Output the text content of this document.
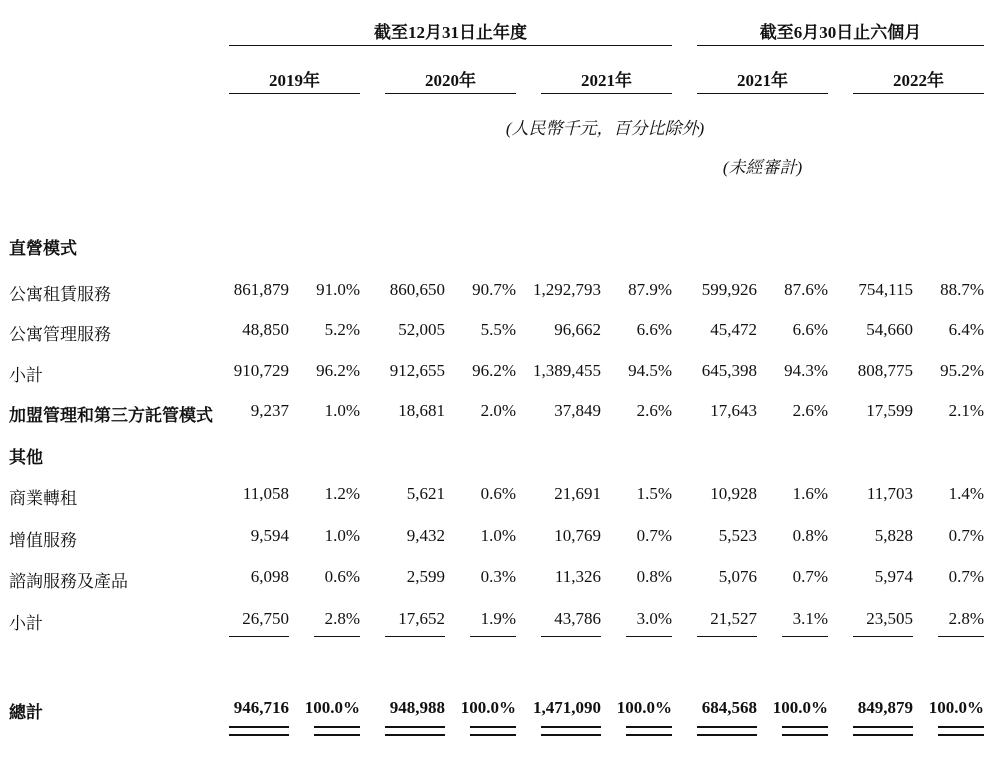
截至12月31日止年度	截至6月30日止六個月
2019年	2020年	2021年	2021年	2022年
(人民幣千元，百分比除外)
(未經審計)
直營模式
公寓租賃服務	861,879 91.0% 860,650 90.7% 1,292,793 87.9% 599,926 87.6% 754,115 88.7%
公寓管理服務	48,850 5.2% 52,005 5.5% 96,662 6.6% 45,472 6.6% 54,660 6.4%
小計	910,729 96.2% 912,655 96.2% 1,389,455 94.5% 645,398 94.3% 808,775 95.2%
加盟管理和第三方託管模式 9,237 1.0% 18,681 2.0% 37,849 2.6% 17,643 2.6% 17,599 2.1%
其他
商業轉租	11,058 1.2%	5,621 0.6% 21,691 1.5% 10,928 1.6% 11,703 1.4%
增值服務	9,594 1.0%	9,432 1.0% 10,769 0.7%	5,523 0.8%	5,828 0.7%
諮詢服務及產品	6,098 0.6%	2,599 0.3% 11,326 0.8%	5,076 0.7%	5,974 0.7%
小計	26,750 2.8% 17,652 1.9% 43,786 3.0% 21,527 3.1% 23,505 2.8%
總計	946,716 100.0% 948,988 100.0% 1,471,090 100.0% 684,568 100.0% 849,879 100.0%
